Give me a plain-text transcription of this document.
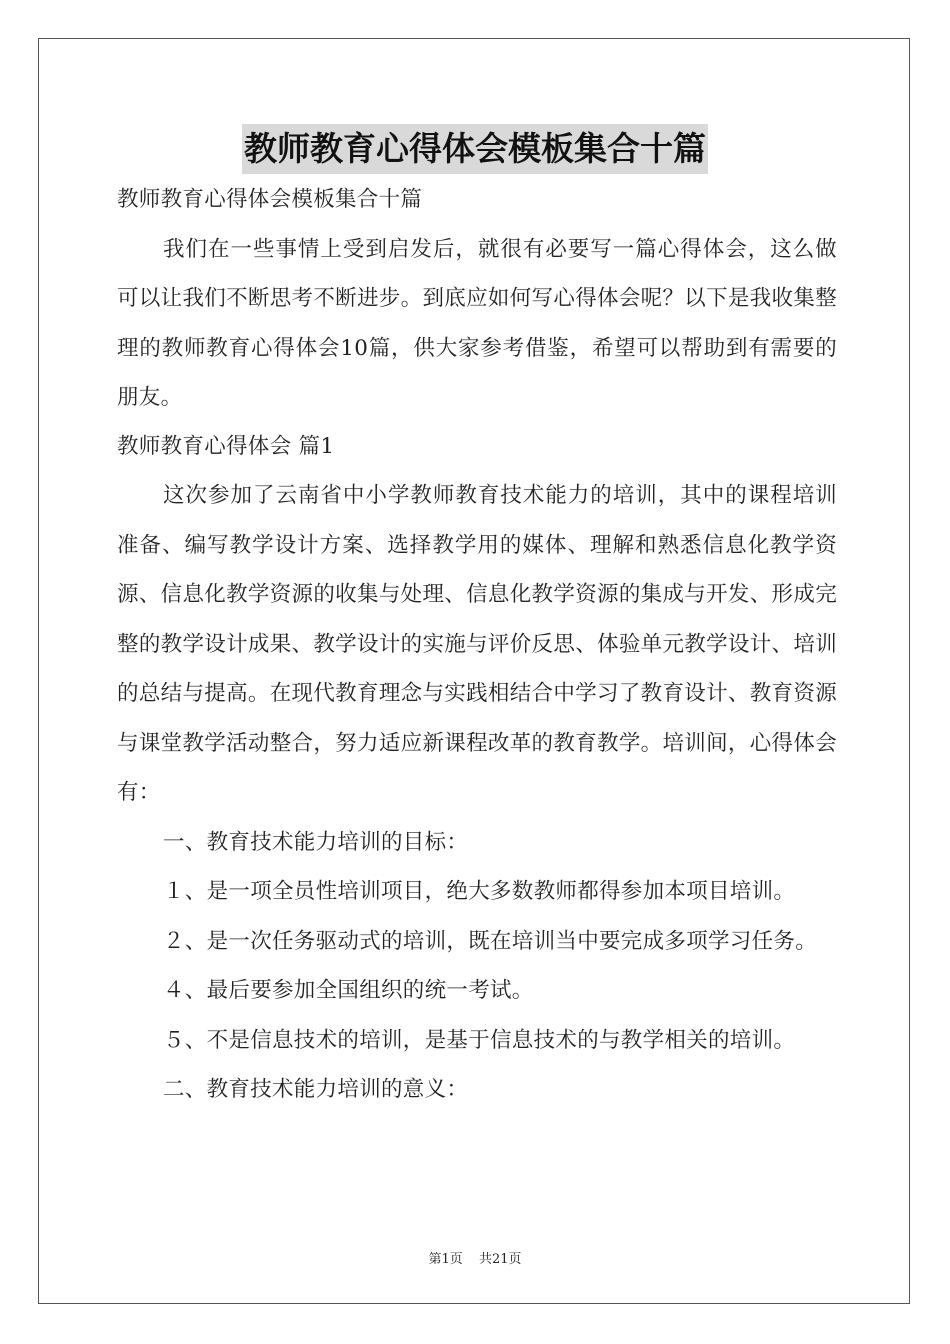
教师教育心得体会模板集合十篇

教师教育心得体会模板集合十篇

我们在一些事情上受到启发后，就很有必要写一篇心得体会，这么做可以让我们不断思考不断进步。到底应如何写心得体会呢？以下是我收集整理的教师教育心得体会10篇，供大家参考借鉴，希望可以帮助到有需要的朋友。

教师教育心得体会 篇1

这次参加了云南省中小学教师教育技术能力的培训，其中的课程培训准备、编写教学设计方案、选择教学用的媒体、理解和熟悉信息化教学资源、信息化教学资源的收集与处理、信息化教学资源的集成与开发、形成完整的教学设计成果、教学设计的实施与评价反思、体验单元教学设计、培训的总结与提高。在现代教育理念与实践相结合中学习了教育设计、教育资源与课堂教学活动整合，努力适应新课程改革的教育教学。培训间，心得体会有：

一、教育技术能力培训的目标：

１、是一项全员性培训项目，绝大多数教师都得参加本项目培训。

２、是一次任务驱动式的培训，既在培训当中要完成多项学习任务。

４、最后要参加全国组织的统一考试。

５、不是信息技术的培训，是基于信息技术的与教学相关的培训。

二、教育技术能力培训的意义：

第1页 共21页
